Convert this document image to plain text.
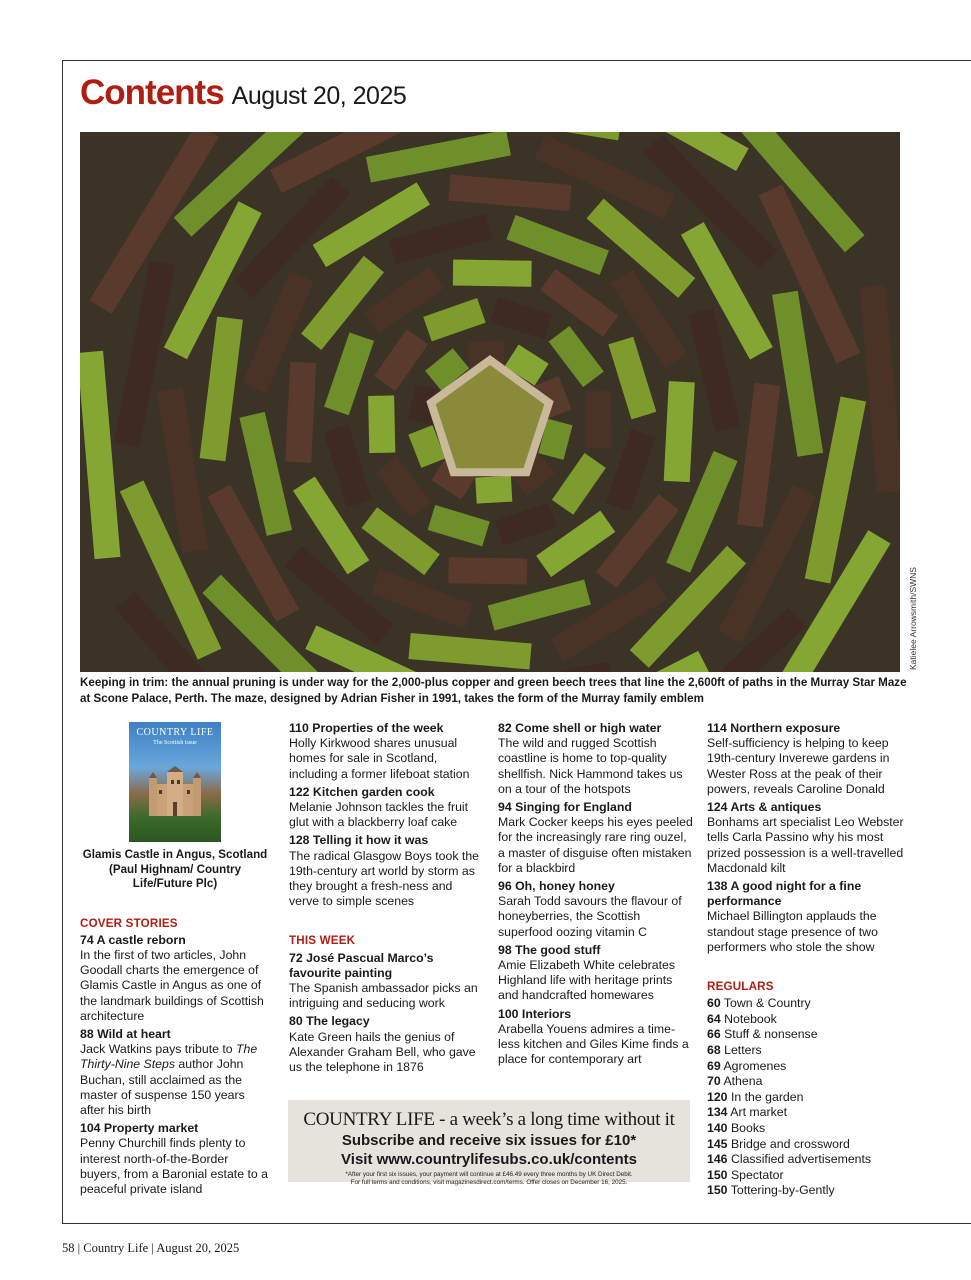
Contents August 20, 2025
Katielee Arrowsmith/SWNS
Keeping in trim: the annual pruning is under way for the 2,000-plus copper and green beech trees that line the 2,600ft of paths in the Murray Star Maze at Scone Palace, Perth. The maze, designed by Adrian Fisher in 1991, takes the form of the Murray family emblem
COUNTRY LIFE
The Scottish issue
Glamis Castle in Angus, Scotland (Paul Highnam/ Country Life/Future Plc)
COVER STORIES
74 A castle reborn
In the first of two articles, John Goodall charts the emergence of Glamis Castle in Angus as one of the landmark buildings of Scottish architecture
88 Wild at heart
Jack Watkins pays tribute to The Thirty-Nine Steps author John Buchan, still acclaimed as the master of suspense 150 years after his birth
104 Property market
Penny Churchill finds plenty to interest north-of-the-Border buyers, from a Baronial estate to a peaceful private island
110 Properties of the week
Holly Kirkwood shares unusual homes for sale in Scotland, including a former lifeboat station
122 Kitchen garden cook
Melanie Johnson tackles the fruit glut with a blackberry loaf cake
128 Telling it how it was
The radical Glasgow Boys took the 19th-century art world by storm as they brought a fresh-ness and verve to simple scenes
THIS WEEK
72 José Pascual Marco’s favourite painting
The Spanish ambassador picks an intriguing and seducing work
80 The legacy
Kate Green hails the genius of Alexander Graham Bell, who gave us the telephone in 1876
82 Come shell or high water
The wild and rugged Scottish coastline is home to top-quality shellfish. Nick Hammond takes us on a tour of the hotspots
94 Singing for England
Mark Cocker keeps his eyes peeled for the increasingly rare ring ouzel, a master of disguise often mistaken for a blackbird
96 Oh, honey honey
Sarah Todd savours the flavour of honeyberries, the Scottish superfood oozing vitamin C
98 The good stuff
Amie Elizabeth White celebrates Highland life with heritage prints and handcrafted homewares
100 Interiors
Arabella Youens admires a time-less kitchen and Giles Kime finds a place for contemporary art
114 Northern exposure
Self-sufficiency is helping to keep 19th-century Inverewe gardens in Wester Ross at the peak of their powers, reveals Caroline Donald
124 Arts & antiques
Bonhams art specialist Leo Webster tells Carla Passino why his most prized possession is a well-travelled Macdonald kilt
138 A good night for a fine performance
Michael Billington applauds the standout stage presence of two performers who stole the show
REGULARS
60 Town & Country
64 Notebook
66 Stuff & nonsense
68 Letters
69 Agromenes
70 Athena
120 In the garden
134 Art market
140 Books
145 Bridge and crossword
146 Classified advertisements
150 Spectator
150 Tottering-by-Gently
COUNTRY LIFE - a week’s a long time without it
Subscribe and receive six issues for £10*
Visit www.countrylifesubs.co.uk/contents
*After your first six issues, your payment will continue at £46.49 every three months by UK Direct Debit.
For full terms and conditions, visit magazinesdirect.com/terms. Offer closes on December 16, 2025.
58 | Country Life | August 20, 2025
